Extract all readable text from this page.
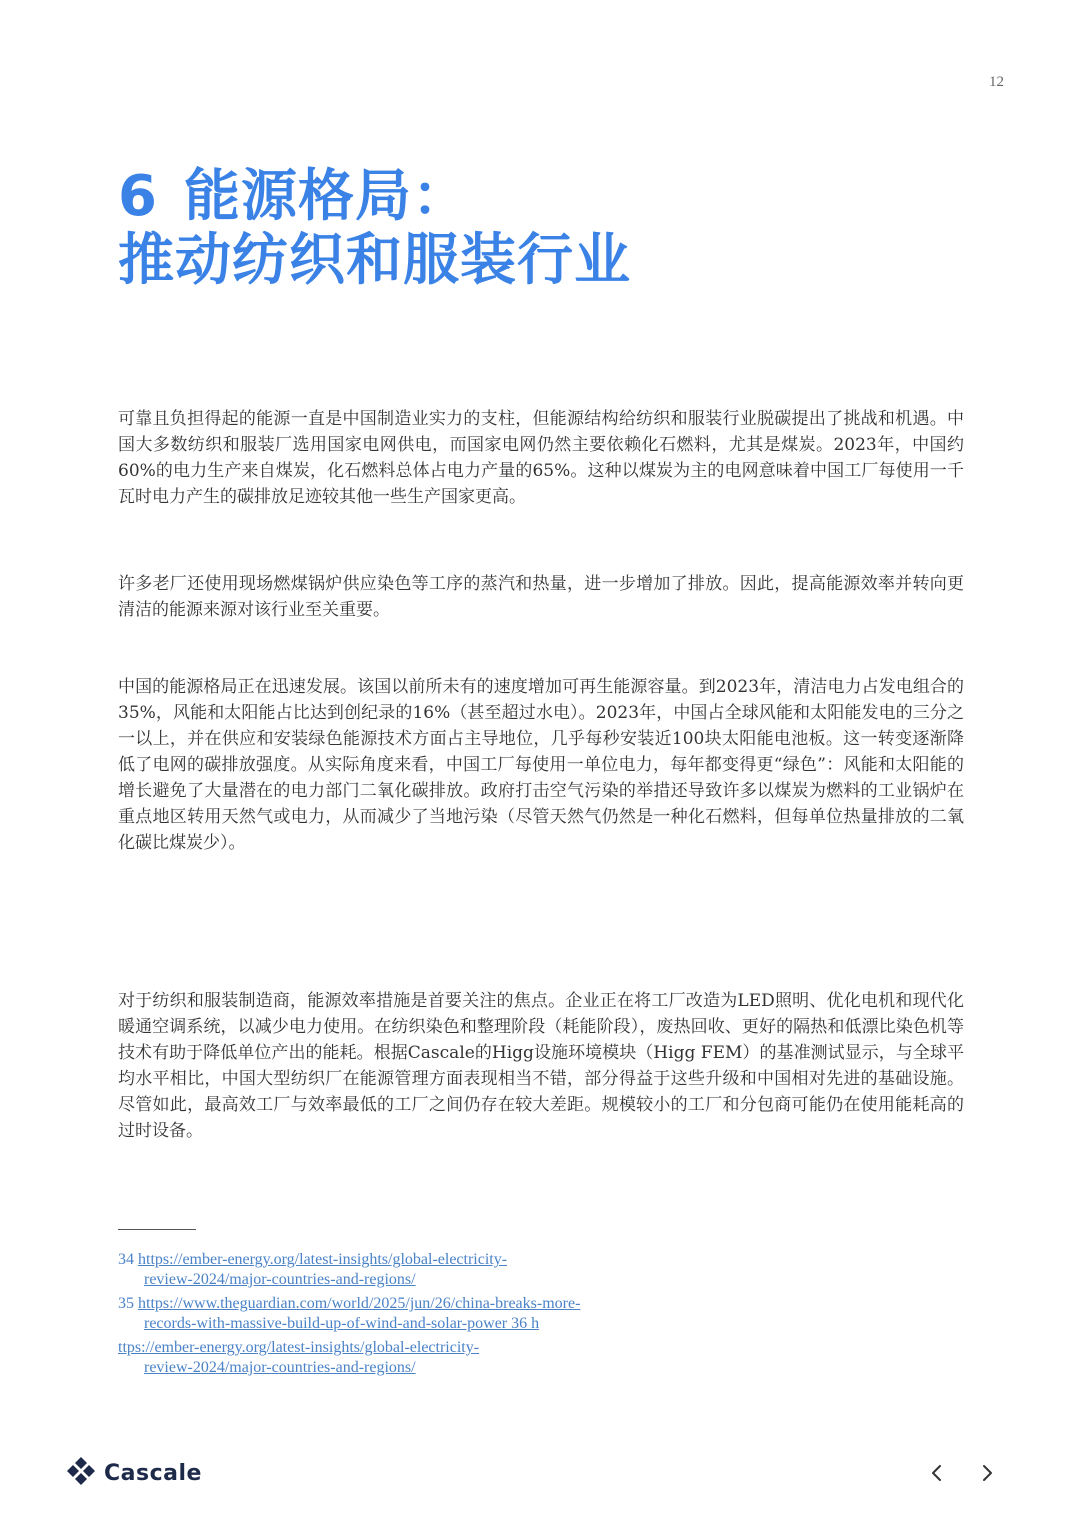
12
6 能源格局：
推动纺织和服装行业

可靠且负担得起的能源一直是中国制造业实力的支柱，但能源结构给纺织和服装行业脱碳提出了挑战和机遇。中国大多数纺织和服装厂选用国家电网供电，而国家电网仍然主要依赖化石燃料，尤其是煤炭。2023年，中国约60%的电力生产来自煤炭，化石燃料总体占电力产量的65%。这种以煤炭为主的电网意味着中国工厂每使用一千瓦时电力产生的碳排放足迹较其他一些生产国家更高。

许多老厂还使用现场燃煤锅炉供应染色等工序的蒸汽和热量，进一步增加了排放。因此，提高能源效率并转向更清洁的能源来源对该行业至关重要。

中国的能源格局正在迅速发展。该国以前所未有的速度增加可再生能源容量。到2023年，清洁电力占发电组合的35%，风能和太阳能占比达到创纪录的16%（甚至超过水电）。2023年，中国占全球风能和太阳能发电的三分之一以上，并在供应和安装绿色能源技术方面占主导地位，几乎每秒安装近100块太阳能电池板。这一转变逐渐降低了电网的碳排放强度。从实际角度来看，中国工厂每使用一单位电力，每年都变得更“绿色”：风能和太阳能的增长避免了大量潜在的电力部门二氧化碳排放。政府打击空气污染的举措还导致许多以煤炭为燃料的工业锅炉在重点地区转用天然气或电力，从而减少了当地污染（尽管天然气仍然是一种化石燃料，但每单位热量排放的二氧化碳比煤炭少）。

对于纺织和服装制造商，能源效率措施是首要关注的焦点。企业正在将工厂改造为LED照明、优化电机和现代化暖通空调系统，以减少电力使用。在纺织染色和整理阶段（耗能阶段），废热回收、更好的隔热和低漂比染色机等技术有助于降低单位产出的能耗。根据Cascale的Higg设施环境模块（Higg FEM）的基准测试显示，与全球平均水平相比，中国大型纺织厂在能源管理方面表现相当不错，部分得益于这些升级和中国相对先进的基础设施。尽管如此，最高效工厂与效率最低的工厂之间仍存在较大差距。规模较小的工厂和分包商可能仍在使用能耗高的过时设备。

34 https://ember-energy.org/latest-insights/global-electricity-
review-2024/major-countries-and-regions/
35 https://www.theguardian.com/world/2025/jun/26/china-breaks-more-
records-with-massive-build-up-of-wind-and-solar-power 36 h
ttps://ember-energy.org/latest-insights/global-electricity-
review-2024/major-countries-and-regions/
Cascale
